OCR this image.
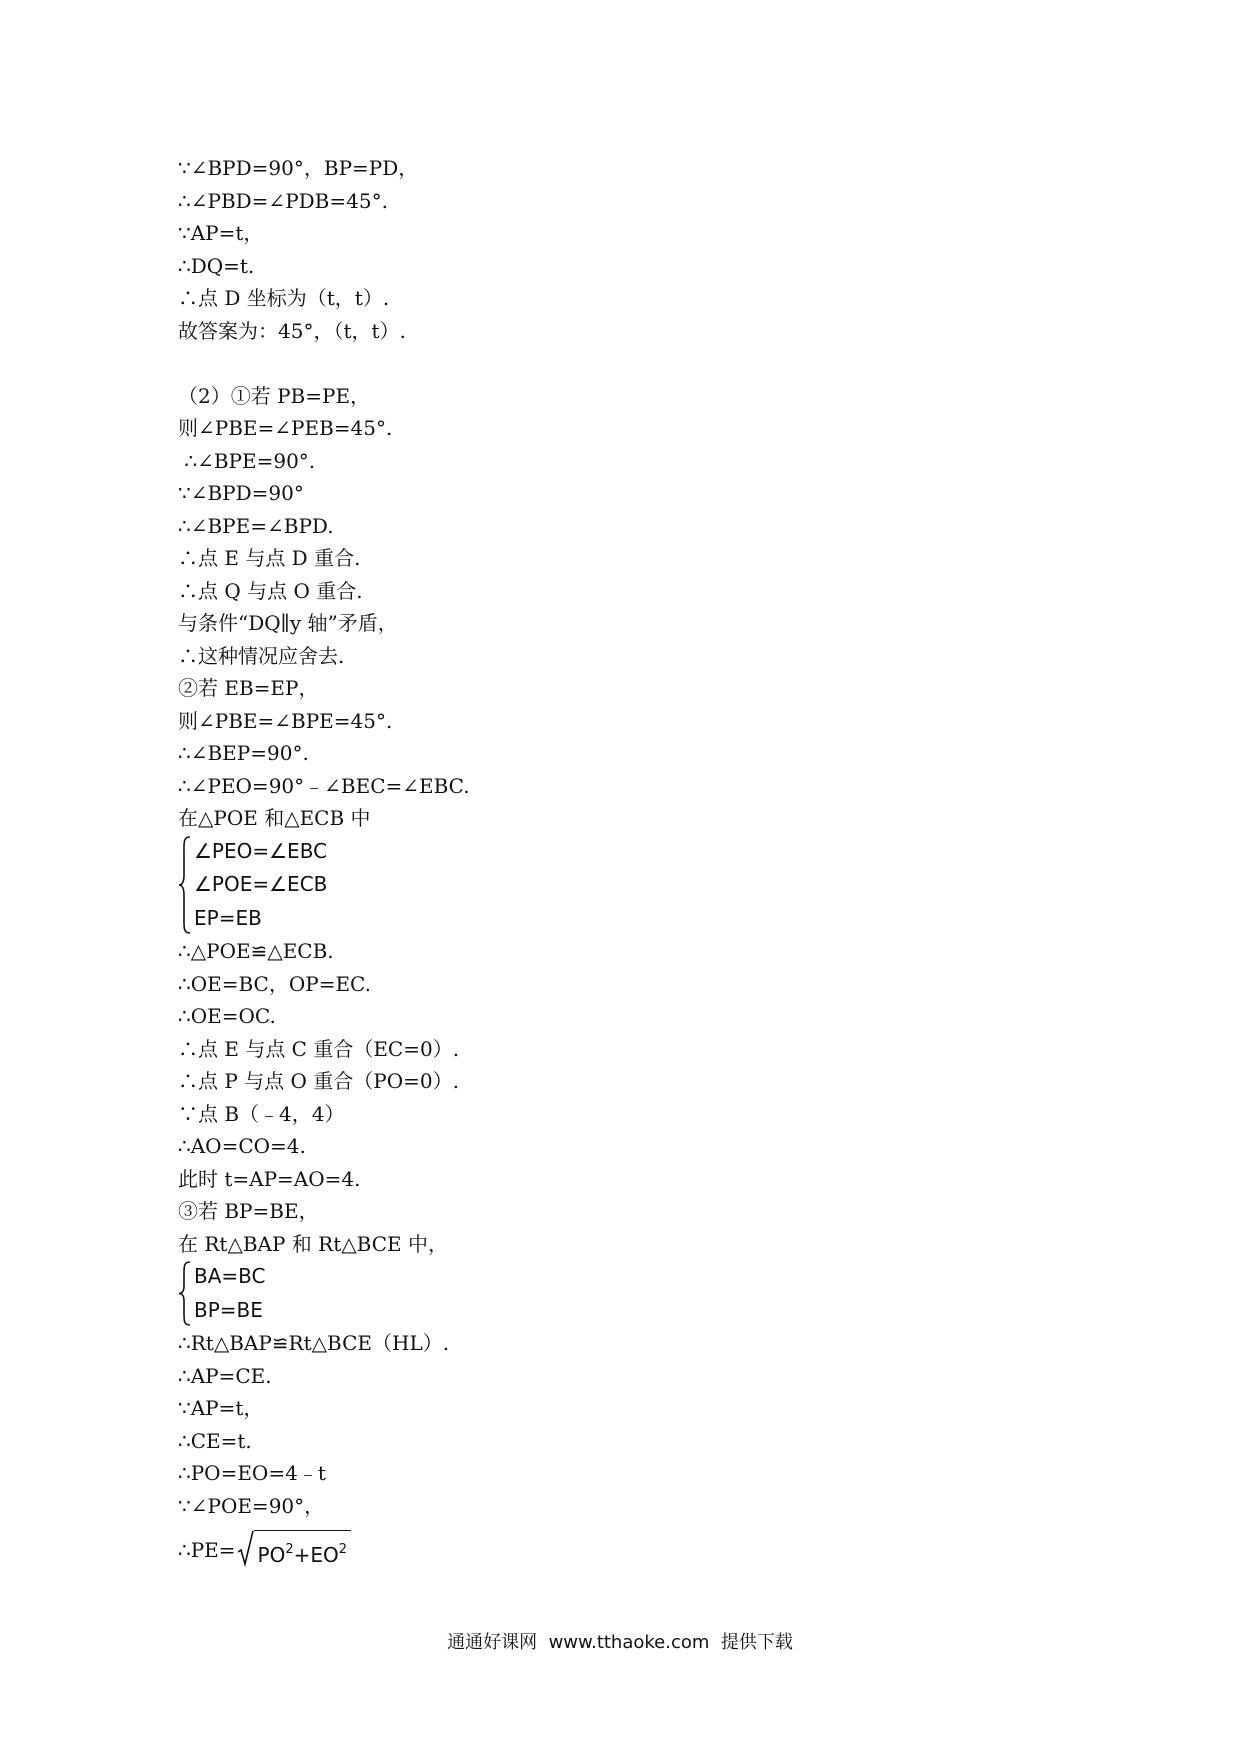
∵∠BPD=90°，BP=PD，
∴∠PBD=∠PDB=45°.
∵AP=t，
∴DQ=t.
∴点 D 坐标为（t，t）.
故答案为：45°，（t，t）.
（2）①若 PB=PE，
则∠PBE=∠PEB=45°.
∴∠BPE=90°.
∵∠BPD=90°
∴∠BPE=∠BPD.
∴点 E 与点 D 重合.
∴点 Q 与点 O 重合.
与条件“DQ∥y 轴”矛盾，
∴这种情况应舍去.
②若 EB=EP，
则∠PBE=∠BPE=45°.
∴∠BEP=90°.
∴∠PEO=90°﹣∠BEC=∠EBC.
在△POE 和△ECB 中
∠PEO=∠EBC
∠POE=∠ECB
EP=EB
∴△POE≌△ECB.
∴OE=BC，OP=EC.
∴OE=OC.
∴点 E 与点 C 重合（EC=0）.
∴点 P 与点 O 重合（PO=0）.
∵点 B（﹣4，4）
∴AO=CO=4.
此时 t=AP=AO=4.
③若 BP=BE，
在 Rt△BAP 和 Rt△BCE 中，
BA=BC
BP=BE
∴Rt△BAP≌Rt△BCE（HL）.
∴AP=CE.
∵AP=t，
∴CE=t.
∴PO=EO=4﹣t
∵∠POE=90°，
∴PE= $PO^2+EO^2$
通通好课网  www.tthaoke.com  提供下载
